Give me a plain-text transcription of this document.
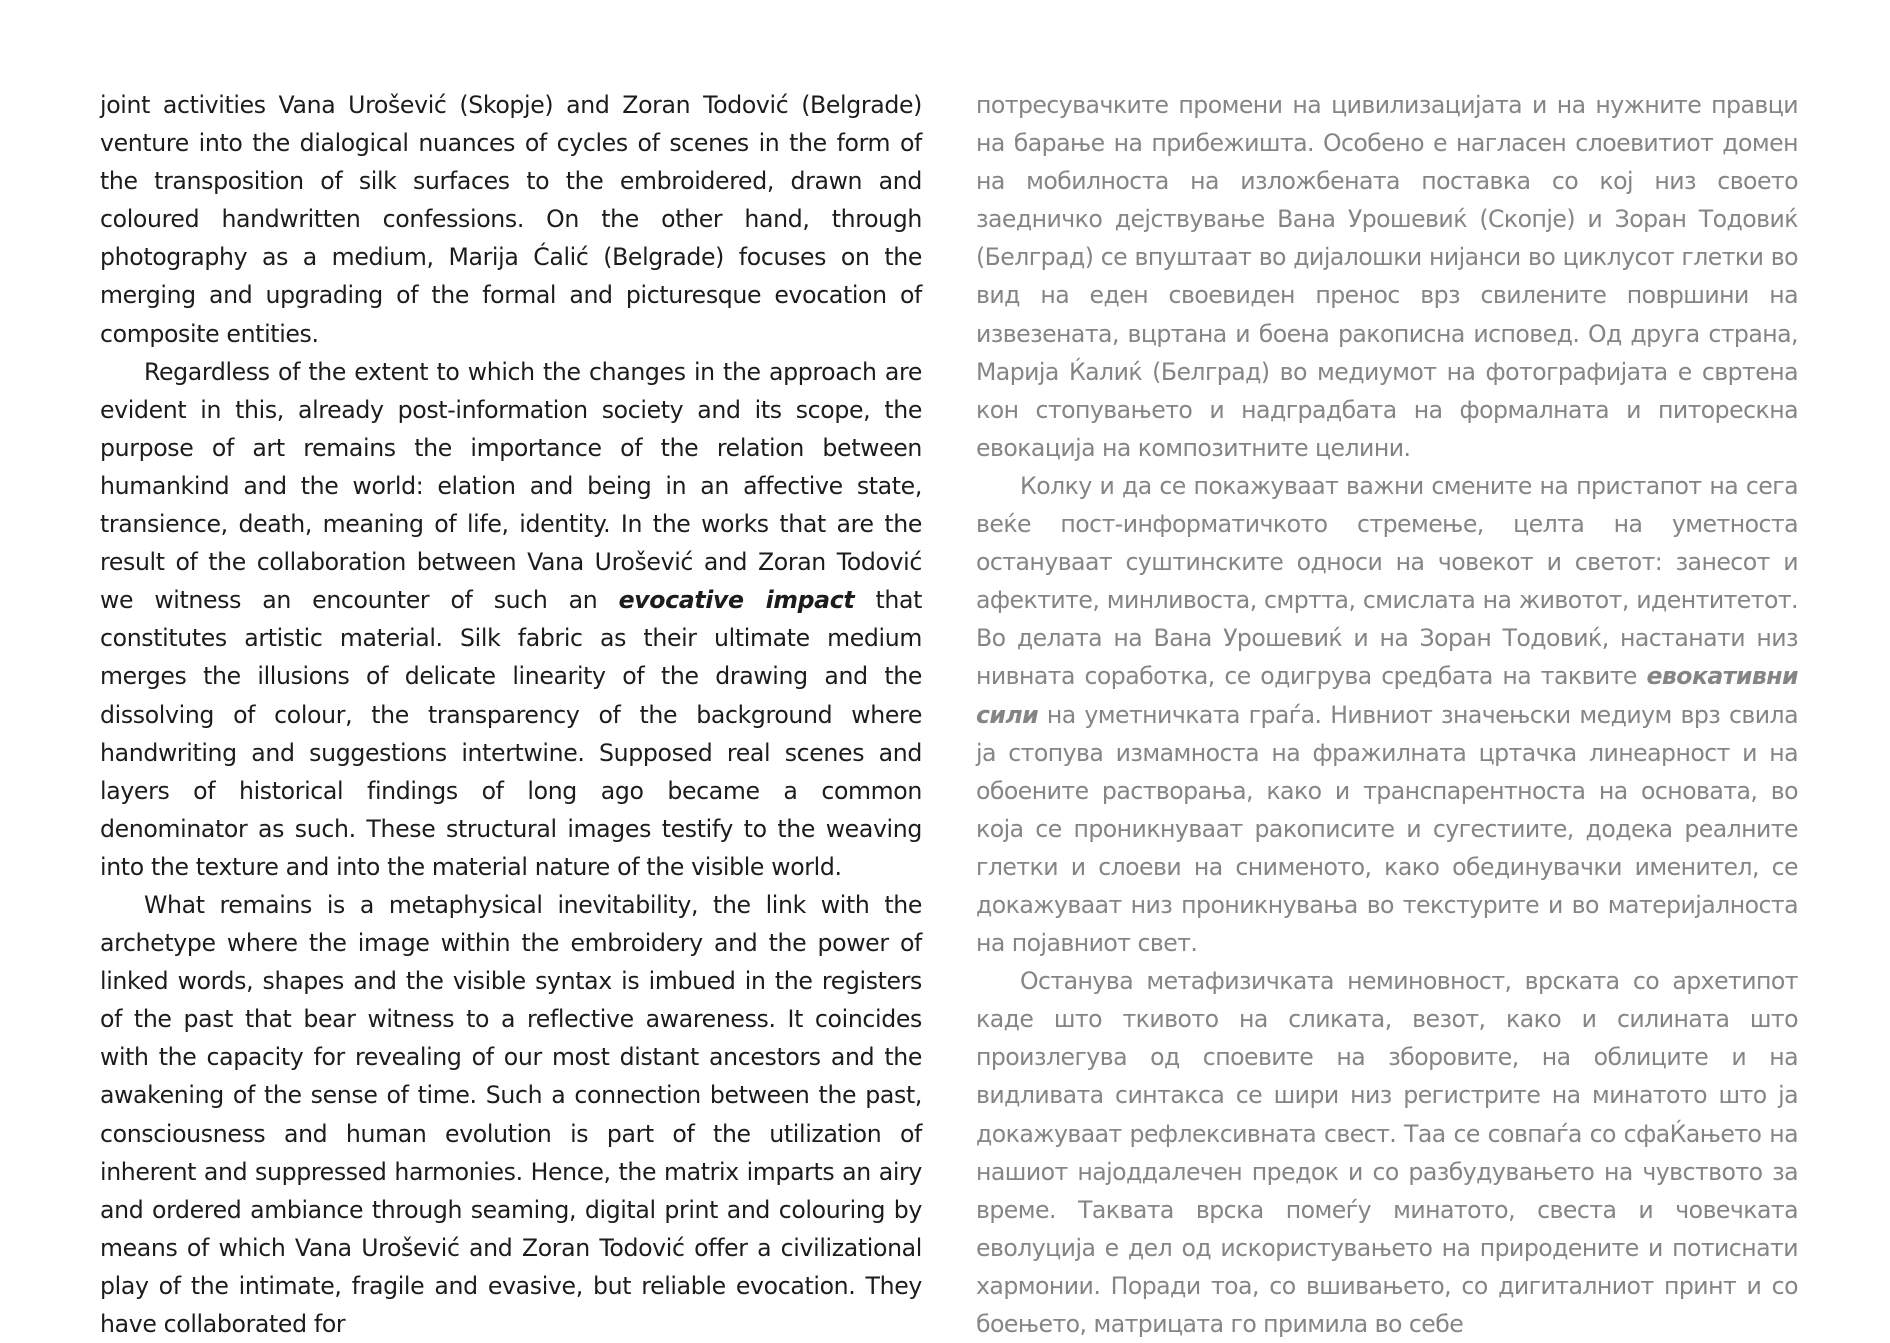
joint activities Vana Urošević (Skopje) and Zoran Todović (Belgrade) venture into the dialogical nuances of cycles of scenes in the form of the transposition of silk surfaces to the embroidered, drawn and coloured handwritten confessions. On the other hand, through photography as a medium, Marija Ćalić (Belgrade) focuses on the merging and upgrading of the formal and picturesque evocation of composite entities.

Regardless of the extent to which the changes in the approach are evident in this, already post-information society and its scope, the purpose of art remains the importance of the relation between humankind and the world: elation and being in an affective state, transience, death, meaning of life, identity. In the works that are the result of the collaboration between Vana Urošević and Zoran Todović we witness an encounter of such an evocative impact that constitutes artistic material. Silk fabric as their ultimate medium merges the illusions of delicate linearity of the drawing and the dissolving of colour, the transparency of the background where handwriting and suggestions intertwine. Supposed real scenes and layers of historical findings of long ago became a common denominator as such. These structural images testify to the weaving into the texture and into the material nature of the visible world.

What remains is a metaphysical inevitability, the link with the archetype where the image within the embroidery and the power of linked words, shapes and the visible syntax is imbued in the registers of the past that bear witness to a reflective awareness. It coincides with the capacity for revealing of our most distant ancestors and the awakening of the sense of time. Such a connection between the past, consciousness and human evolution is part of the utilization of inherent and suppressed harmonies. Hence, the matrix imparts an airy and ordered ambiance through seaming, digital print and colouring by means of which Vana Urošević and Zoran Todović offer a civilizational play of the intimate, fragile and evasive, but reliable evocation. They have collaborated for

потресувачките промени на цивилизацијата и на нужните правци на барање на прибежишта. Особено е нагласен слоевитиот домен на мобилноста на изложбената поставка со кој низ своето заедничко дејствување Вана Урошевиќ (Скопје) и Зоран Тодовиќ (Белград) се впуштаат во дијалошки нијанси во циклусот глетки во вид на еден своевиден пренос врз свилените површини на извезената, вцртана и боена ракописна исповед. Од друга страна, Марија Ќалиќ (Белград) во медиумот на фотографијата е свртена кон стопувањето и надградбата на формалната и питорескна евокација на композитните целини.

Колку и да се покажуваат важни смените на пристапот на сега веќе пост-информатичкото стремење, целта на уметноста остануваат суштинските односи на човекот и светот: занесот и афектите, минливоста, смртта, смислата на животот, идентитетот. Во делата на Вана Урошевиќ и на Зоран Тодовиќ, настанати низ нивната соработка, се одигрува средбата на таквите евокативни сили на уметничката граѓа. Нивниот значењски медиум врз свила ја стопува измамноста на фражилната цртачка линеарност и на обоените растворања, како и транспарентноста на основата, во која се проникнуваат ракописите и сугестиите, додека реалните глетки и слоеви на снименото, како обединувачки именител, се докажуваат низ проникнувања во текстурите и во материјалноста на појавниот свет.

Останува метафизичката неминовност, врската со архетипот каде што ткивото на сликата, везот, како и силината што произлегува од споевите на зборовите, на облиците и на видливата синтакса се шири низ регистрите на минатото што ја докажуваат рефлексивната свест. Таа се совпаѓа со сфаЌањето на нашиот најоддалечен предок и со разбудувањето на чувството за време. Таквата врска помеѓу минатото, свеста и човечката еволуција е дел од искористувањето на природените и потиснати хармонии. Поради тоа, со вшивањето, со дигиталниот принт и со боењето, матрицата го примила во себе
